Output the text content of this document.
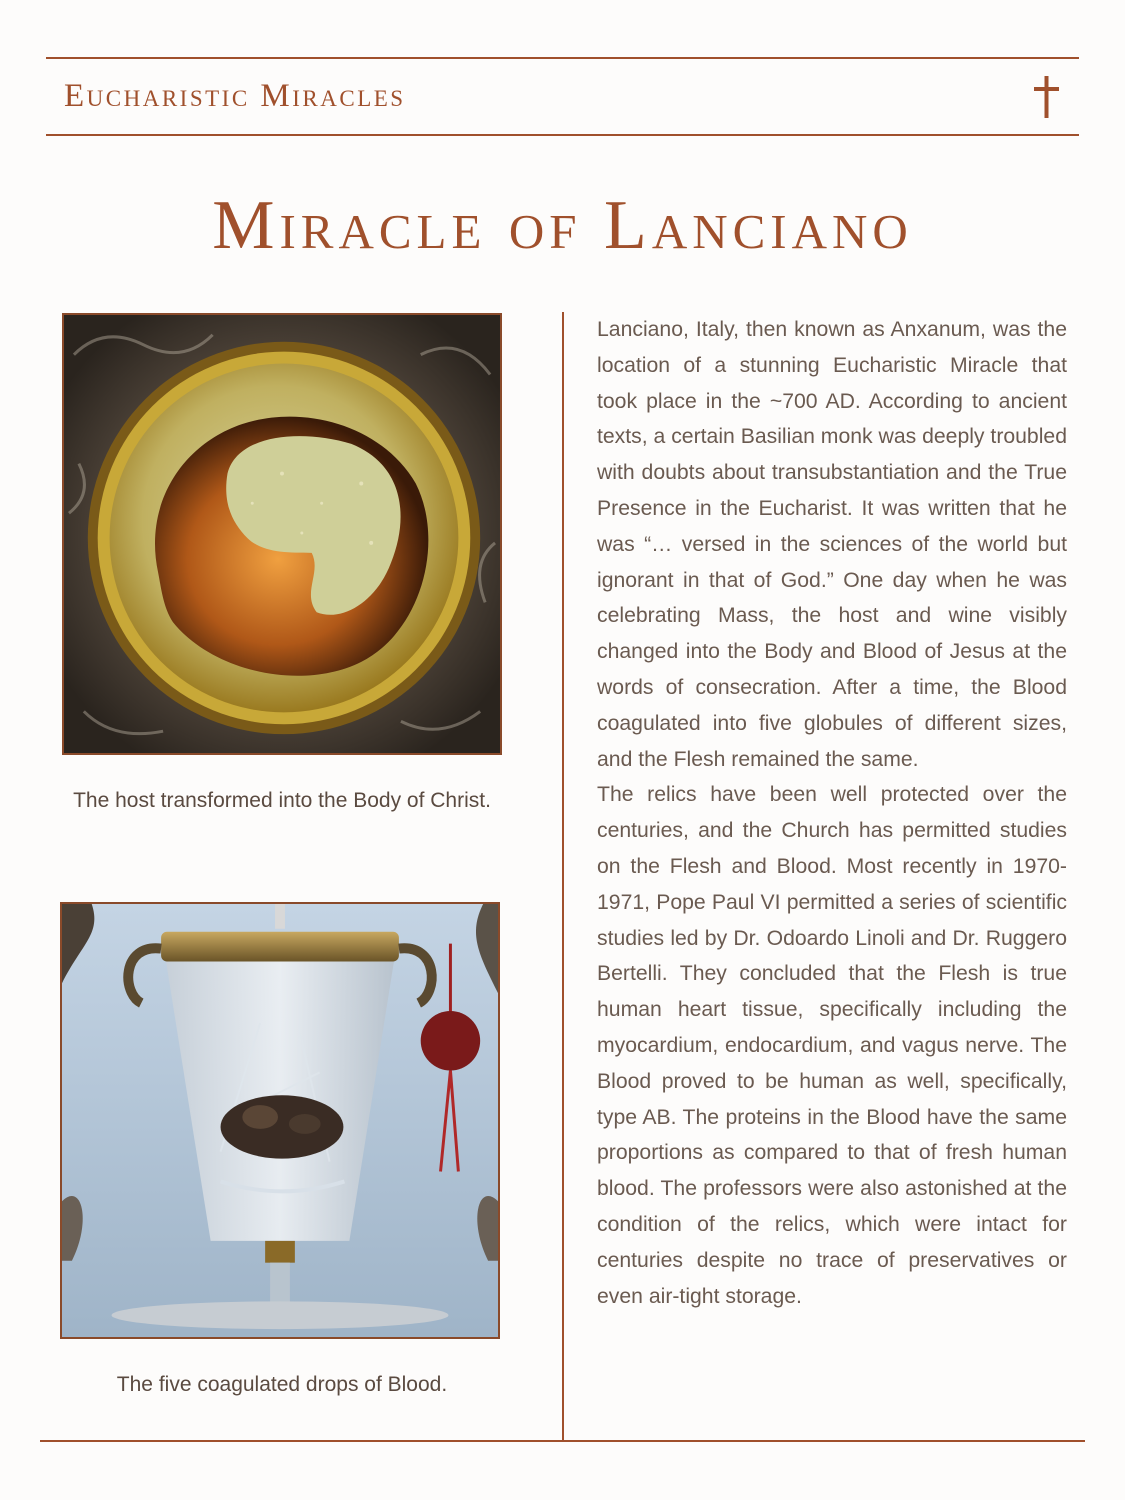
Eucharistic Miracles
Miracle of Lanciano
The host transformed into the Body of Christ.
The five coagulated drops of Blood.

Lanciano, Italy, then known as Anxanum, was the location of a stunning Eucharistic Miracle that took place in the ~700 AD. According to ancient texts, a certain Basilian monk was deeply troubled with doubts about transubstantiation and the True Presence in the Eucharist. It was written that he was “… versed in the sciences of the world but ignorant in that of God.” One day when he was celebrating Mass, the host and wine visibly changed into the Body and Blood of Jesus at the words of consecration. After a time, the Blood coagulated into five globules of different sizes, and the Flesh remained the same.

The relics have been well protected over the centuries, and the Church has permitted studies on the Flesh and Blood. Most recently in 1970-1971, Pope Paul VI permitted a series of scientific studies led by Dr. Odoardo Linoli and Dr. Ruggero Bertelli. They concluded that the Flesh is true human heart tissue, specifically including the myocardium, endocardium, and vagus nerve. The Blood proved to be human as well, specifically, type AB. The proteins in the Blood have the same proportions as compared to that of fresh human blood. The professors were also astonished at the condition of the relics, which were intact for centuries despite no trace of preservatives or even air-tight storage.
